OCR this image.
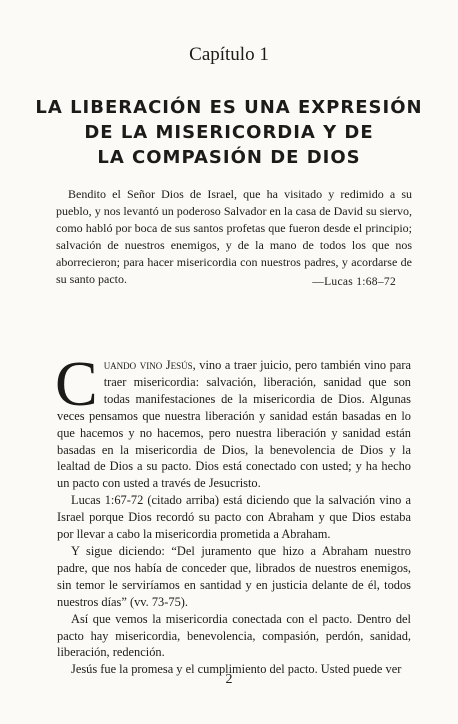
Capítulo 1
LA LIBERACIÓN ES UNA EXPRESIÓN
DE LA MISERICORDIA Y DE
LA COMPASIÓN DE DIOS

Bendito el Señor Dios de Israel, que ha visitado y redimido a su pueblo, y nos levantó un poderoso Salvador en la casa de David su siervo, como habló por boca de sus santos profetas que fueron desde el principio; salvación de nuestros enemigos, y de la mano de todos los que nos aborrecieron; para hacer misericordia con nuestros padres, y acordarse de su santo pacto.	—Lucas 1:68–72

Cuando vino Jesús, vino a traer juicio, pero también vino para traer misericordia: salvación, liberación, sanidad que son todas manifestaciones de la misericordia de Dios. Algunas veces pensamos que nuestra liberación y sanidad están basadas en lo que hacemos y no hacemos, pero nuestra liberación y sanidad están basadas en la misericordia de Dios, la benevolencia de Dios y la lealtad de Dios a su pacto. Dios está conectado con usted; y ha hecho un pacto con usted a través de Jesucristo.

Lucas 1:67-72 (citado arriba) está diciendo que la salvación vino a Israel porque Dios recordó su pacto con Abraham y que Dios estaba por llevar a cabo la misericordia prometida a Abraham.

Y sigue diciendo: “Del juramento que hizo a Abraham nuestro padre, que nos había de conceder que, librados de nuestros enemigos, sin temor le serviríamos en santidad y en justicia delante de él, todos nuestros días” (vv. 73-75).

Así que vemos la misericordia conectada con el pacto. Dentro del pacto hay misericordia, benevolencia, compasión, perdón, sanidad, liberación, redención.

Jesús fue la promesa y el cumplimiento del pacto. Usted puede ver

2
